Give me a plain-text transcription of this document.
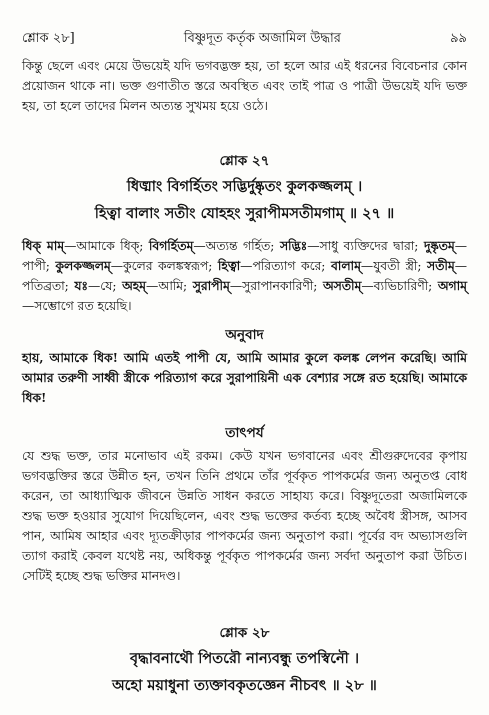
শ্লোক ২৮]	বিষ্ণুদূত কর্তৃক অজামিল উদ্ধার	৯৯

কিন্তু ছেলে এবং মেয়ে উভয়েই যদি ভগবদ্ভক্ত হয়, তা হলে আর এই ধরনের বিবেচনার কোন প্রয়োজন থাকে না। ভক্ত গুণাতীত স্তরে অবস্থিত এবং তাই পাত্র ও পাত্রী উভয়েই যদি ভক্ত হয়, তা হলে তাদের মিলন অত্যন্ত সুখময় হয়ে ওঠে।

শ্লোক ২৭
ধিঙ্মাং বিগর্হিতং সদ্ভির্দুষ্কৃতং কুলকজ্জলম্ ।
হিত্বা বালাং সতীং যোহহং সুরাপীমসতীমগাম্ ॥ ২৭ ॥

ধিক্ মাম্—আমাকে ধিক্; বিগর্হিতম্—অত্যন্ত গর্হিত; সদ্ভিঃ—সাধু ব্যক্তিদের দ্বারা; দুষ্কৃতম্—পাপী; কুলকজ্জলম্—কুলের কলঙ্কস্বরূপ; হিত্বা—পরিত্যাগ করে; বালাম্—যুবতী স্ত্রী; সতীম্—পতিব্রতা; যঃ—যে; অহম্—আমি; সুরাপীম্—সুরাপানকারিণী; অসতীম্—ব্যভিচারিণী; অগাম্—সম্ভোগে রত হয়েছি।

অনুবাদ

হায়, আমাকে ধিক! আমি এতই পাপী যে, আমি আমার কুলে কলঙ্ক লেপন করেছি। আমি আমার তরুণী সাধ্বী স্ত্রীকে পরিত্যাগ করে সুরাপায়িনী এক বেশ্যার সঙ্গে রত হয়েছি। আমাকে ধিক!

তাৎপর্য

যে শুদ্ধ ভক্ত, তার মনোভাব এই রকম। কেউ যখন ভগবানের এবং শ্রীগুরুদেবের কৃপায় ভগবদ্ভক্তির স্তরে উন্নীত হন, তখন তিনি প্রথমে তাঁর পূর্বকৃত পাপকর্মের জন্য অনুতপ্ত বোধ করেন, তা আধ্যাত্মিক জীবনে উন্নতি সাধন করতে সাহায্য করে। বিষ্ণুদূতেরা অজামিলকে শুদ্ধ ভক্ত হওয়ার সুযোগ দিয়েছিলেন, এবং শুদ্ধ ভক্তের কর্তব্য হচ্ছে অবৈধ স্ত্রীসঙ্গ, আসব পান, আমিষ আহার এবং দ্যূতক্রীড়ার পাপকর্মের জন্য অনুতাপ করা। পূর্বের বদ অভ্যাসগুলি ত্যাগ করাই কেবল যথেষ্ট নয়, অধিকন্তু পূর্বকৃত পাপকর্মের জন্য সর্বদা অনুতাপ করা উচিত। সেটিই হচ্ছে শুদ্ধ ভক্তির মানদণ্ড।

শ্লোক ২৮
বৃদ্ধাবনাথৌ পিতরৌ নান্যবন্ধু তপস্বিনৌ ।
অহো ময়াধুনা ত্যক্তাবকৃতজ্ঞেন নীচবৎ ॥ ২৮ ॥
